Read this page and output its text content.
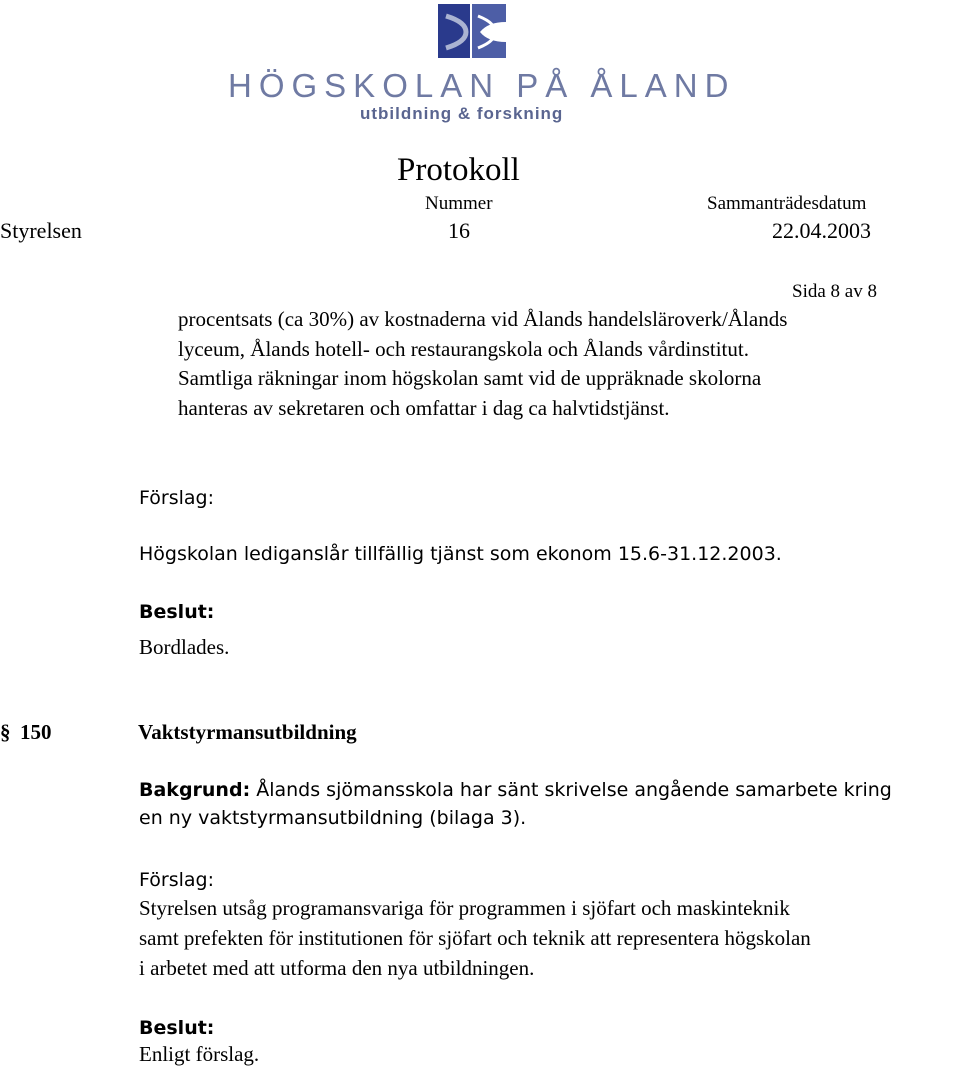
HÖGSKOLAN PÅ ÅLAND
utbildning & forskning
Protokoll
Nummer	Sammanträdesdatum
Styrelsen	16	22.04.2003
Sida 8 av 8
procentsats (ca 30%) av kostnaderna vid Ålands handelsläroverk/Ålands
lyceum, Ålands hotell- och restaurangskola och Ålands vårdinstitut.
Samtliga räkningar inom högskolan samt vid de uppräknade skolorna
hanteras av sekretaren och omfattar i dag ca halvtidstjänst.
Förslag:
Högskolan lediganslår tillfällig tjänst som ekonom 15.6-31.12.2003.
Beslut:
Bordlades.
§ 150	Vaktstyrmansutbildning
Bakgrund: Ålands sjömansskola har sänt skrivelse angående samarbete kring
en ny vaktstyrmansutbildning (bilaga 3).
Förslag:
Styrelsen utsåg programansvariga för programmen i sjöfart och maskinteknik
samt prefekten för institutionen för sjöfart och teknik att representera högskolan
i arbetet med att utforma den nya utbildningen.
Beslut:
Enligt förslag.
